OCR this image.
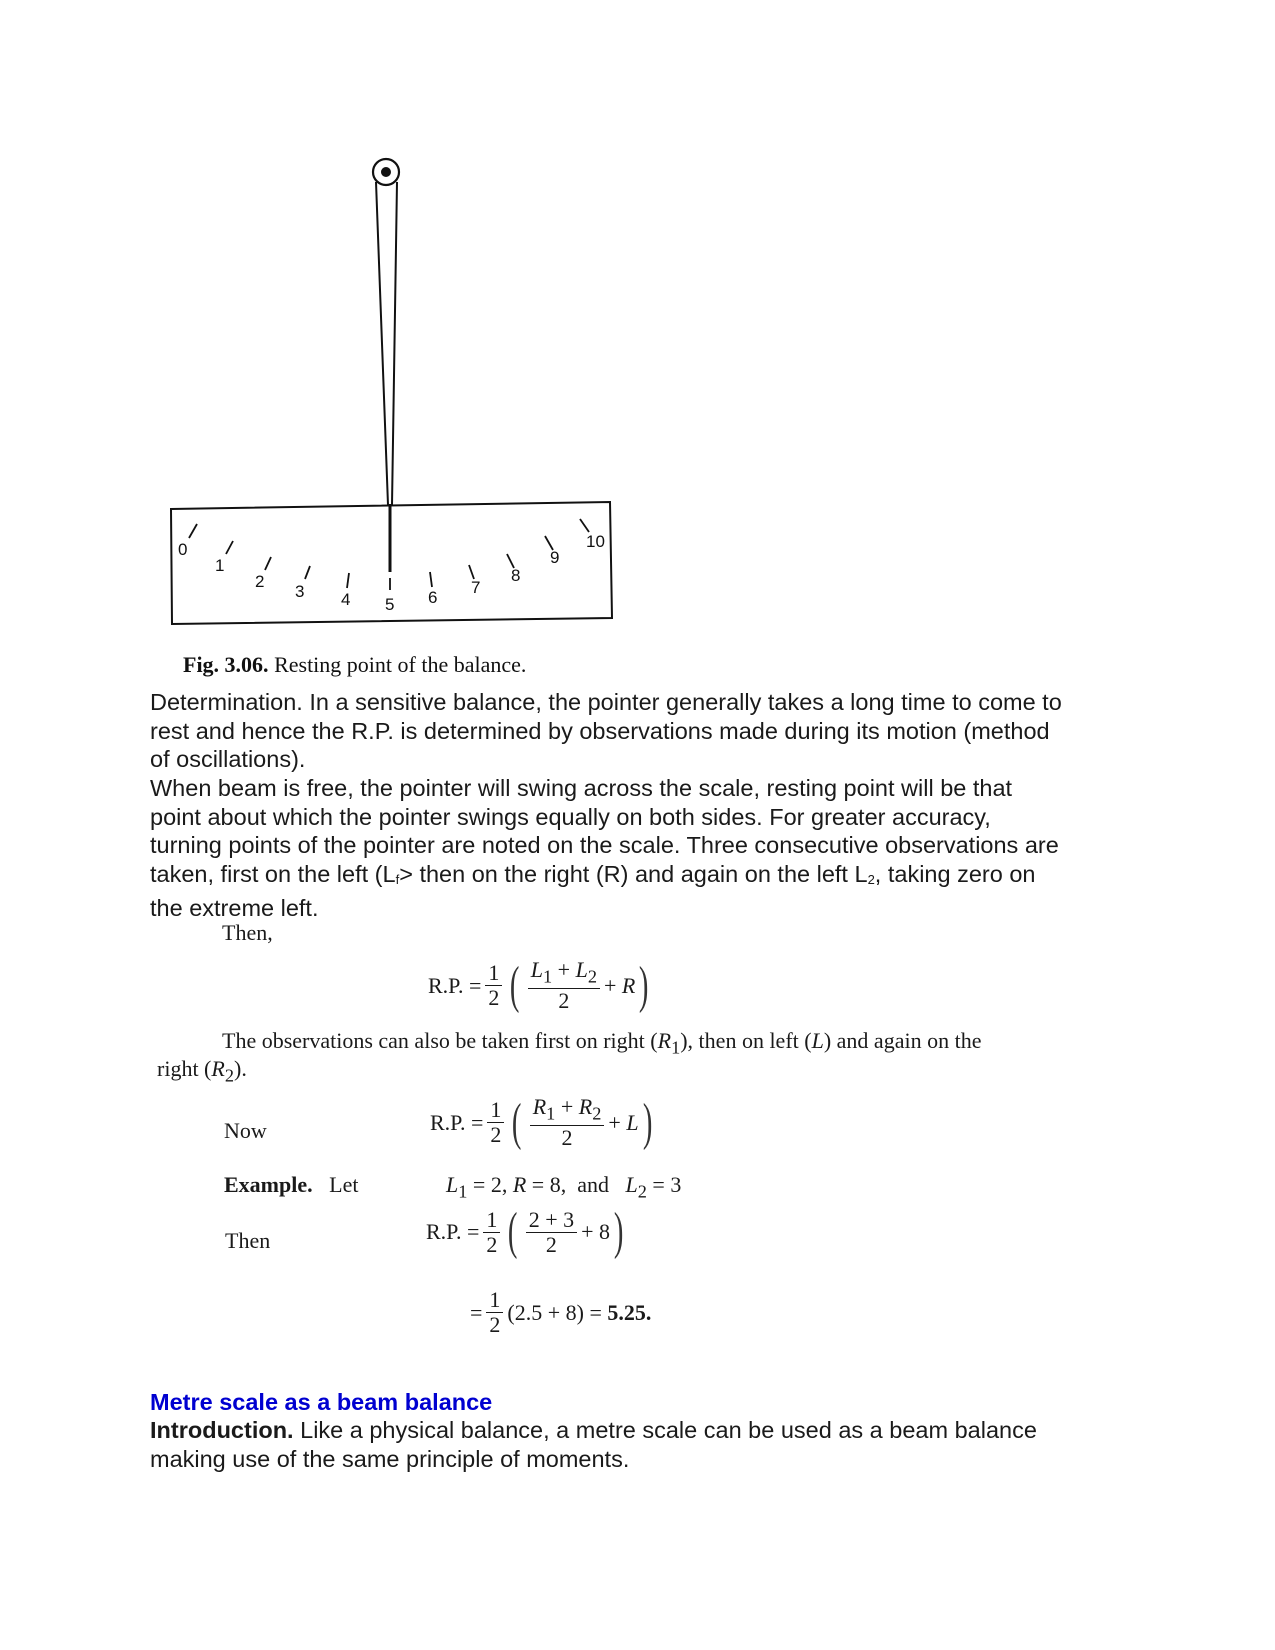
0
1
2
3 4 5 6
7
8
9
10
Fig. 3.06. Resting point of the balance.
Determination. In a sensitive balance, the pointer generally takes a long time to come to
rest and hence the R.P. is determined by observations made during its motion (method
of oscillations).
When beam is free, the pointer will swing across the scale, resting point will be that
point about which the pointer swings equally on both sides. For greater accuracy,
turning points of the pointer are noted on the scale. Three consecutive observations are
taken, first on the left ($L_f>$ then on the right (R) and again on the left $L_2$, taking zero on
the extreme left.
Then,
R.P. = $\frac{1}{2}$ ( $\frac{L_1 + L_2}{2}$ +
R )
The observations can also be taken first on right $(R_1)$, then on left (L) and again on the
right $(R_2)$.
Now	R.P. = $\frac{1}{2}$ ( $\frac{R_1 + R_2}{2}$ +
L )
Example. Let	$L_1 = 2$, R = 8, and $L_2 = 3$
Then	R.P. = $\frac{1}{2}$ ( $\frac{2 + 3}{2} + 8$ )
= $\frac{1}{2} (2.5 + 8)$ =
5.25.
Metre scale as a beam balance
Introduction. Like a physical balance, a metre scale can be used as a beam balance
making use of the same principle of moments.
